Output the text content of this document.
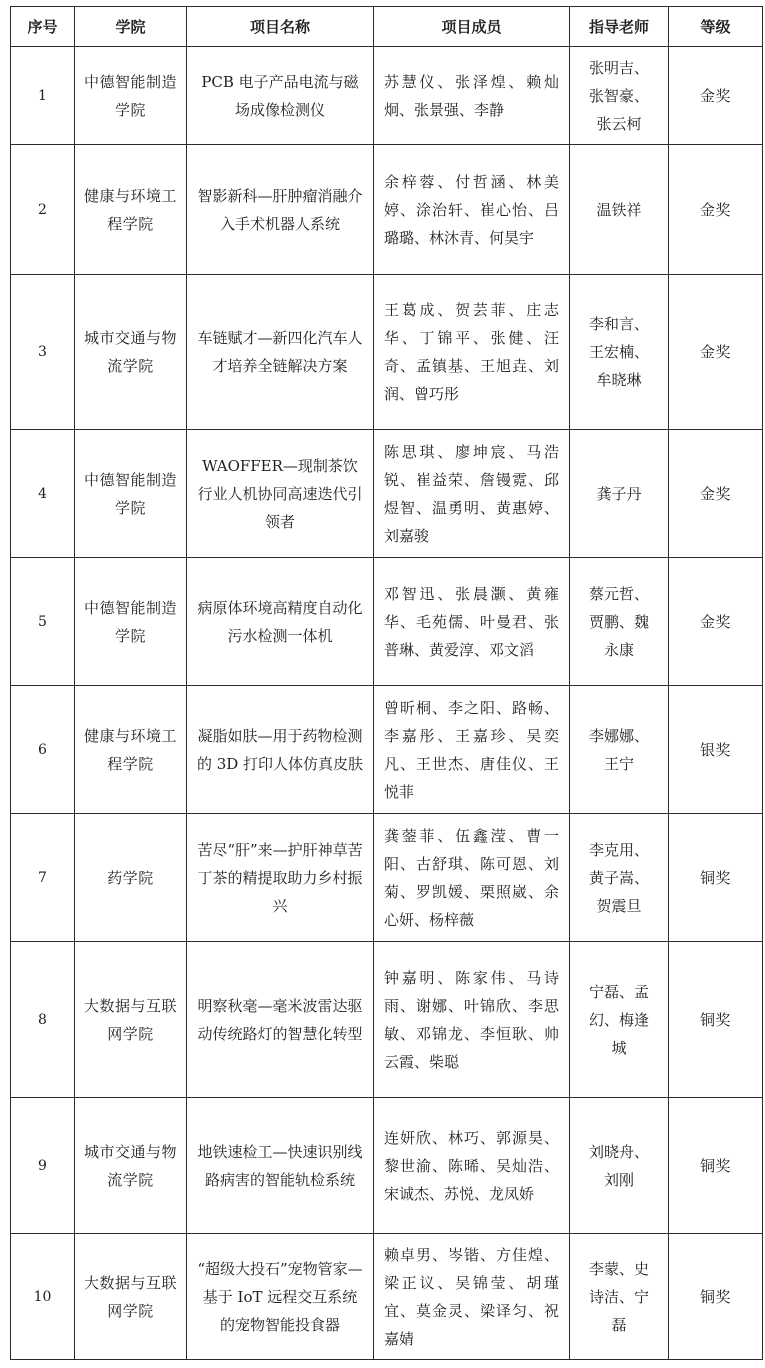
序号	学院	项目名称	项目成员	指导老师	等级
1	中德智能制造学院	PCB 电子产品电流与磁场成像检测仪	苏慧仪、张泽煌、赖灿炯、张景强、李静	张明吉、张智豪、张云柯	金奖
2	健康与环境工程学院	智影新科—肝肿瘤消融介入手术机器人系统	余梓蓉、付哲涵、林美婷、涂治轩、崔心怡、吕璐璐、林沐青、何昊宇	温铁祥	金奖
3	城市交通与物流学院	车链赋才—新四化汽车人才培养全链解决方案	王葛成、贺芸菲、庄志华、丁锦平、张健、汪奇、孟镇基、王旭垚、刘润、曾巧彤	李和言、王宏楠、牟晓琳	金奖
4	中德智能制造学院	WAOFFER—现制茶饮行业人机协同高速迭代引领者	陈思琪、廖坤宸、马浩锐、崔益荣、詹镘霓、邱煜智、温勇明、黄惠婷、刘嘉骏	龚子丹	金奖
5	中德智能制造学院	病原体环境高精度自动化污水检测一体机	邓智迅、张晨灏、黄雍华、毛苑儒、叶曼君、张普琳、黄爱淳、邓文滔	蔡元哲、贾鹏、魏永康	金奖
6	健康与环境工程学院	凝脂如肤—用于药物检测的 3D 打印人体仿真皮肤	曾昕桐、李之阳、路畅、李嘉彤、王嘉珍、吴奕凡、王世杰、唐佳仪、王悦菲	李娜娜、王宁	银奖
7	药学院	苦尽“肝”来—护肝神草苦丁茶的精提取助力乡村振兴	龚蓥菲、伍鑫滢、曹一阳、古舒琪、陈可恩、刘菊、罗凯媛、栗照崴、余心妍、杨梓薇	李克用、黄子嵩、贺震旦	铜奖
8	大数据与互联网学院	明察秋毫—毫米波雷达驱动传统路灯的智慧化转型	钟嘉明、陈家伟、马诗雨、谢娜、叶锦欣、李思敏、邓锦龙、李恒耿、帅云霞、柴聪	宁磊、孟幻、梅逢城	铜奖
9	城市交通与物流学院	地铁速检工—快速识别线路病害的智能轨检系统	连妍欣、林巧、郭源昊、黎世渝、陈晞、吴灿浩、宋诚杰、苏悦、龙凤娇	刘晓舟、刘刚	铜奖
10	大数据与互联网学院	“超级大投石”宠物管家—基于 IoT 远程交互系统的宠物智能投食器	赖卓男、岑锴、方佳煌、梁正议、吴锦莹、胡瑾宜、莫金灵、梁译匀、祝嘉婧	李蒙、史诗洁、宁磊	铜奖
